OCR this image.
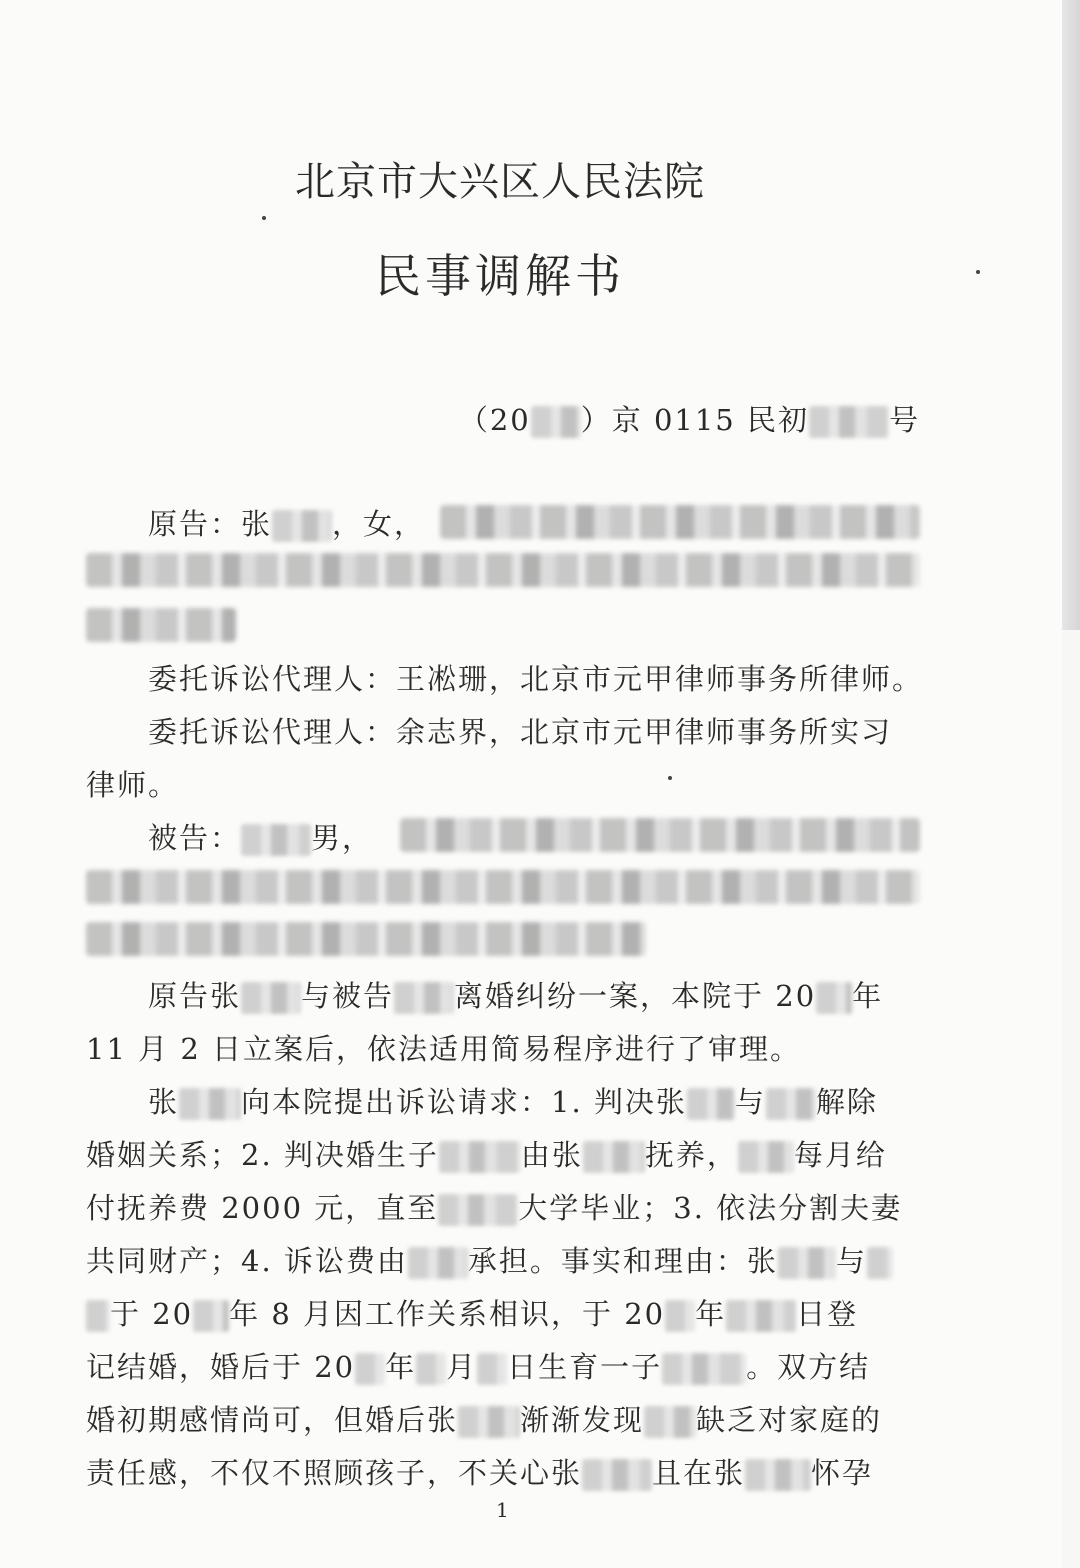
北京市大兴区人民法院
民事调解书
（20 ）京 0115 民初	号
原告：张 ，女，
委托诉讼代理人：王凇珊，北京市元甲律师事务所律师。
委托诉讼代理人：余志界，北京市元甲律师事务所实习
律师。
被告： 男，
原告张 与被告 离婚纠纷一案，本院于 20 年
11 月 2 日立案后，依法适用简易程序进行了审理。
张 向本院提出诉讼请求：1. 判决张 与 解除
婚姻关系；2. 判决婚生子	由张 抚养， 每月给
付抚养费 2000 元，直至	大学毕业；3. 依法分割夫妻
共同财产；4. 诉讼费由 承担。事实和理由：张 与
于 20 年 8 月因工作关系相识，于 20 年 日登
记结婚，婚后于 20 年 月 日生育一子	。双方结
婚初期感情尚可，但婚后张 渐渐发现 缺乏对家庭的
责任感，不仅不照顾孩子，不关心张 且在张 怀孕
1
